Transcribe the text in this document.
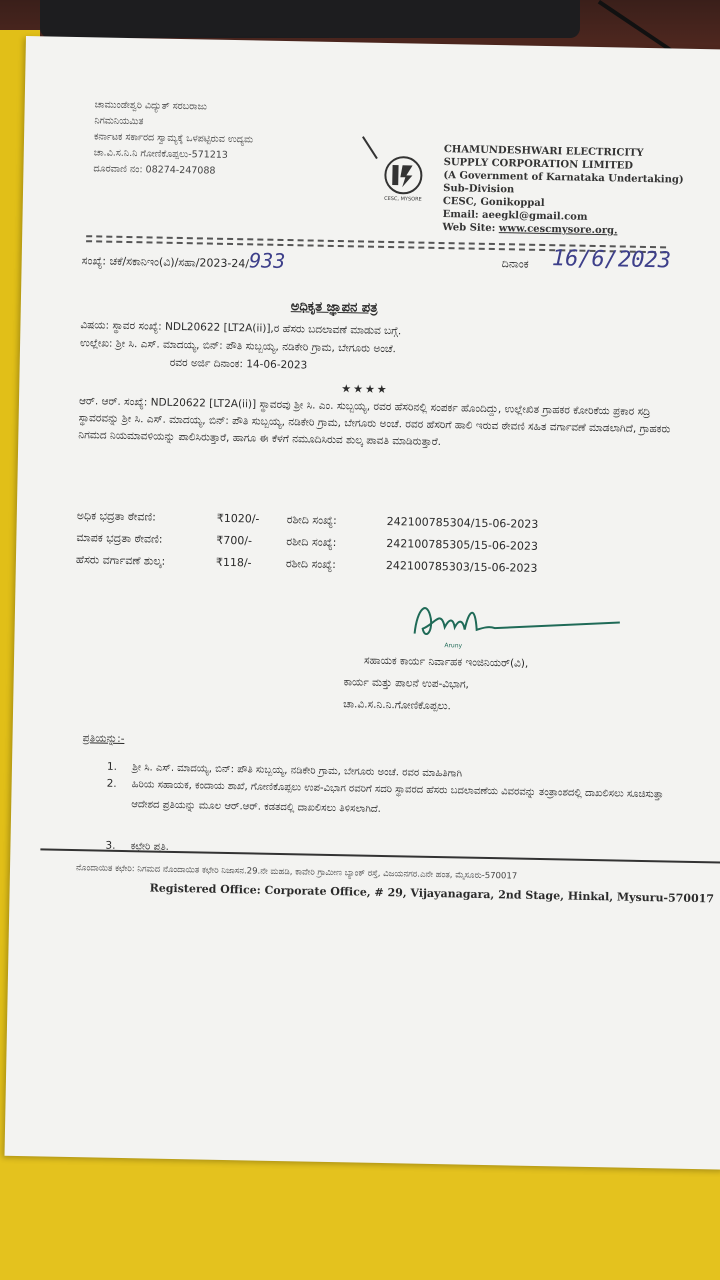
ಚಾಮುಂಡೇಶ್ವರಿ ವಿದ್ಯುತ್ ಸರಬರಾಜು
ನಿಗಮನಿಯಮಿತ
ಕರ್ನಾಟಕ ಸರ್ಕಾರದ ಸ್ವಾಮ್ಯಕ್ಕೆ ಒಳಪಟ್ಟಿರುವ ಉದ್ಯಮ
ಚಾ.ವಿ.ಸ.ನಿ.ನಿ ಗೋಣಿಕೊಪ್ಪಲು-571213
ದೂರವಾಣಿ ನಂ: 08274-247088
CESC, MYSORE
CHAMUNDESHWARI ELECTRICITY
SUPPLY CORPORATION LIMITED
(A Government of Karnataka Undertaking)
Sub-Division
CESC, Gonikoppal
Email: aeegkl@gmail.com
Web Site: www.cescmysore.org.
ಸಂಖ್ಯೆ: ಚಕೆ/ಸಕಾನಿಇಂ(ವಿ)/ಸಹಾ/2023-24/933	ದಿನಾಂಕ 16/6/2023
ಅಧಿಕೃತ ಜ್ಞಾಪನ ಪತ್ರ
ವಿಷಯ: ಸ್ಥಾವರ ಸಂಖ್ಯೆ: NDL20622 [LT2A(ii)],ರ ಹೆಸರು ಬದಲಾವಣೆ ಮಾಡುವ ಬಗ್ಗೆ.
ಉಲ್ಲೇಖ: ಶ್ರೀ ಸಿ. ಎಸ್. ಮಾದಯ್ಯ, ಬಿನ್: ಪೌತಿ ಸುಬ್ಬಯ್ಯ, ನಡಿಕೇರಿ ಗ್ರಾಮ, ಬೇಗೂರು ಅಂಚೆ.
ರವರ ಅರ್ಜಿ ದಿನಾಂಕ: 14-06-2023
★★★★
ಆರ್. ಆರ್. ಸಂಖ್ಯೆ: NDL20622 [LT2A(ii)] ಸ್ಥಾವರವು ಶ್ರೀ ಸಿ. ಎಂ. ಸುಬ್ಬಯ್ಯ, ರವರ ಹೆಸರಿನಲ್ಲಿ ಸಂಪರ್ಕ ಹೊಂದಿದ್ದು, ಉಲ್ಲೇಖಿತ ಗ್ರಾಹಕರ ಕೋರಿಕೆಯ ಪ್ರಕಾರ ಸದ್ರಿ ಸ್ಥಾವರವನ್ನು ಶ್ರೀ ಸಿ. ಎಸ್. ಮಾದಯ್ಯ, ಬಿನ್: ಪೌತಿ ಸುಬ್ಬಯ್ಯ, ನಡಿಕೇರಿ ಗ್ರಾಮ, ಬೇಗೂರು ಅಂಚೆ. ರವರ ಹೆಸರಿಗೆ ಹಾಲಿ ಇರುವ ಠೇವಣಿ ಸಹಿತ ವರ್ಗಾವಣೆ ಮಾಡಲಾಗಿದೆ, ಗ್ರಾಹಕರು ನಿಗಮದ ನಿಯಮಾವಳಿಯನ್ನು ಪಾಲಿಸಿರುತ್ತಾರೆ, ಹಾಗೂ ಈ ಕೆಳಗೆ ನಮೂದಿಸಿರುವ ಶುಲ್ಕ ಪಾವತಿ ಮಾಡಿರುತ್ತಾರೆ.
ಅಧಿಕ ಭದ್ರತಾ ಠೇವಣಿ:	₹1020/- ರಶೀದಿ ಸಂಖ್ಯೆ:	242100785304/15-06-2023
ಮಾಪಕ ಭದ್ರತಾ ಠೇವಣಿ:	₹700/-	ರಶೀದಿ ಸಂಖ್ಯೆ:	242100785305/15-06-2023
ಹೆಸರು ವರ್ಗಾವಣೆ ಶುಲ್ಕ:	₹118/-	ರಶೀದಿ ಸಂಖ್ಯೆ:	242100785303/15-06-2023
Aruny
ಸಹಾಯಕ ಕಾರ್ಯ ನಿರ್ವಾಹಕ ಇಂಜಿನಿಯರ್(ವಿ),
ಕಾರ್ಯ ಮತ್ತು ಪಾಲನೆ ಉಪ-ವಿಭಾಗ,
ಚಾ.ವಿ.ಸ.ನಿ.ನಿ.ಗೋಣಿಕೊಪ್ಪಲು.
ಪ್ರತಿಯನ್ನು:-
1. ಶ್ರೀ ಸಿ. ಎಸ್. ಮಾದಯ್ಯ, ಬಿನ್: ಪೌತಿ ಸುಬ್ಬಯ್ಯ, ನಡಿಕೇರಿ ಗ್ರಾಮ, ಬೇಗೂರು ಅಂಚೆ. ರವರ ಮಾಹಿತಿಗಾಗಿ
2. ಹಿರಿಯ ಸಹಾಯಕ, ಕಂದಾಯ ಶಾಖೆ, ಗೋಣಿಕೊಪ್ಪಲು ಉಪ-ವಿಭಾಗ ರವರಿಗೆ ಸದರಿ ಸ್ಥಾವರದ ಹೆಸರು ಬದಲಾವಣೆಯ ವಿವರವನ್ನು ತಂತ್ರಾಂಶದಲ್ಲಿ ದಾಖಲಿಸಲು ಸೂಚಿಸುತ್ತಾ ಆದೇಶದ ಪ್ರತಿಯನ್ನು ಮೂಲ ಆರ್.ಆರ್. ಕಡತದಲ್ಲಿ ದಾಖಲಿಸಲು ತಿಳಿಸಲಾಗಿದೆ.
3. ಕಛೇರಿ ಪ್ರತಿ.
ನೊಂದಾಯಿತ ಕಛೇರಿ: ನಿಗಮದ ನೊಂದಾಯಿತ ಕಛೇರಿ ನಿಜಾಸನ.29.ನೇ ಮಹಡಿ, ಕಾವೇರಿ ಗ್ರಾಮೀಣ ಬ್ಯಾಂಕ್ ರಸ್ತೆ, ವಿಜಯನಗರ.ಎನೇ ಹಂತ, ಮೈಸೂರು-570017
Registered Office: Corporate Office, # 29, Vijayanagara, 2nd Stage, Hinkal, Mysuru-570017
